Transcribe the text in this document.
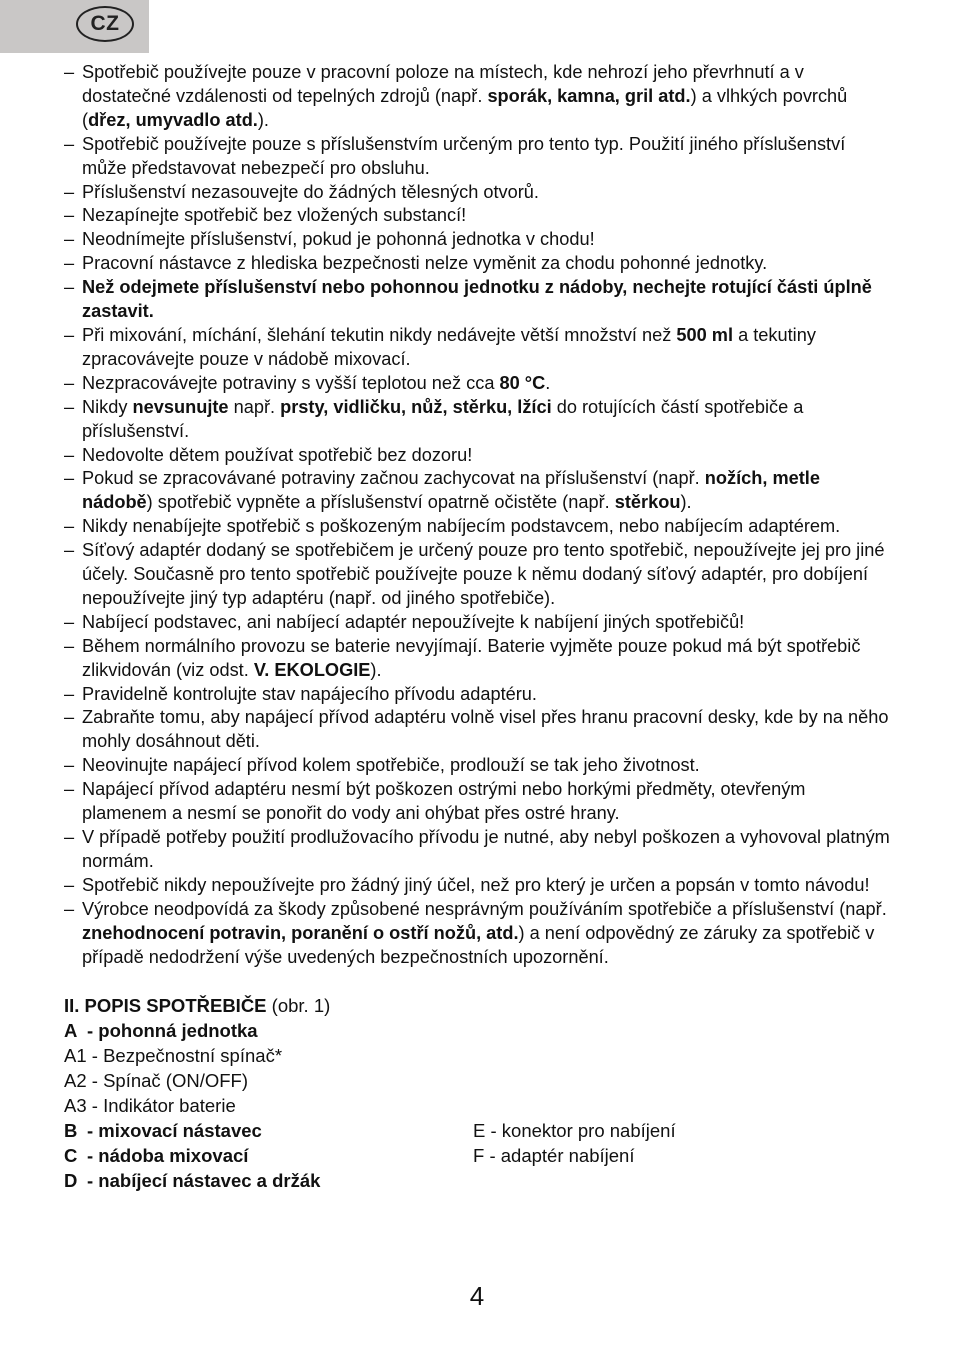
CZ
– Spotřebič používejte pouze v pracovní poloze na místech, kde nehrozí jeho převrhnutí a v dostatečné vzdálenosti od tepelných zdrojů (např. sporák, kamna, gril atd.) a vlhkých povrchů (dřez, umyvadlo atd.).
– Spotřebič používejte pouze s příslušenstvím určeným pro tento typ. Použití jiného příslušenství může představovat nebezpečí pro obsluhu.
– Příslušenství nezasouvejte do žádných tělesných otvorů.
– Nezapínejte spotřebič bez vložených substancí!
– Neodnímejte příslušenství, pokud je pohonná jednotka v chodu!
– Pracovní nástavce z hlediska bezpečnosti nelze vyměnit za chodu pohonné jednotky.
– Než odejmete příslušenství nebo pohonnou jednotku z nádoby, nechejte rotující části úplně zastavit.
– Při mixování, míchání, šlehání tekutin nikdy nedávejte větší množství než 500 ml a tekutiny zpracovávejte pouze v nádobě mixovací.
– Nezpracovávejte potraviny s vyšší teplotou než cca 80 °C.
– Nikdy nevsunujte např. prsty, vidličku, nůž, stěrku, lžíci do rotujících částí spotřebiče a příslušenství.
– Nedovolte dětem používat spotřebič bez dozoru!
– Pokud se zpracovávané potraviny začnou zachycovat na příslušenství (např. nožích, metle nádobě) spotřebič vypněte a příslušenství opatrně očistěte (např. stěrkou).
– Nikdy nenabíjejte spotřebič s poškozeným nabíjecím podstavcem, nebo nabíjecím adaptérem.
– Síťový adaptér dodaný se spotřebičem je určený pouze pro tento spotřebič, nepoužívejte jej pro jiné účely. Současně pro tento spotřebič používejte pouze k němu dodaný síťový adaptér, pro dobíjení nepoužívejte jiný typ adaptéru (např. od jiného spotřebiče).
– Nabíjecí podstavec, ani nabíjecí adaptér nepoužívejte k nabíjení jiných spotřebičů!
– Během normálního provozu se baterie nevyjímají. Baterie vyjměte pouze pokud má být spotřebič zlikvidován (viz odst. V. EKOLOGIE).
– Pravidelně kontrolujte stav napájecího přívodu adaptéru.
– Zabraňte tomu, aby napájecí přívod adaptéru volně visel přes hranu pracovní desky, kde by na něho mohly dosáhnout děti.
– Neovinujte napájecí přívod kolem spotřebiče, prodlouží se tak jeho životnost.
– Napájecí přívod adaptéru nesmí být poškozen ostrými nebo horkými předměty, otevřeným plamenem a nesmí se ponořit do vody ani ohýbat přes ostré hrany.
– V případě potřeby použití prodlužovacího přívodu je nutné, aby nebyl poškozen a vyhovoval platným normám.
– Spotřebič nikdy nepoužívejte pro žádný jiný účel, než pro který je určen a popsán v tomto návodu!
– Výrobce neodpovídá za škody způsobené nesprávným používáním spotřebiče a příslušenství (např. znehodnocení potravin, poranění o ostří nožů, atd.) a není odpovědný ze záruky za spotřebič v případě nedodržení výše uvedených bezpečnostních upozornění.
II. POPIS SPOTŘEBIČE (obr. 1)
A - pohonná jednotka
A1 - Bezpečnostní spínač*
A2 - Spínač (ON/OFF)
A3 - Indikátor baterie
B - mixovací nástavec	E - konektor pro nabíjení
C - nádoba mixovací	F - adaptér nabíjení
D - nabíjecí nástavec a držák
4
